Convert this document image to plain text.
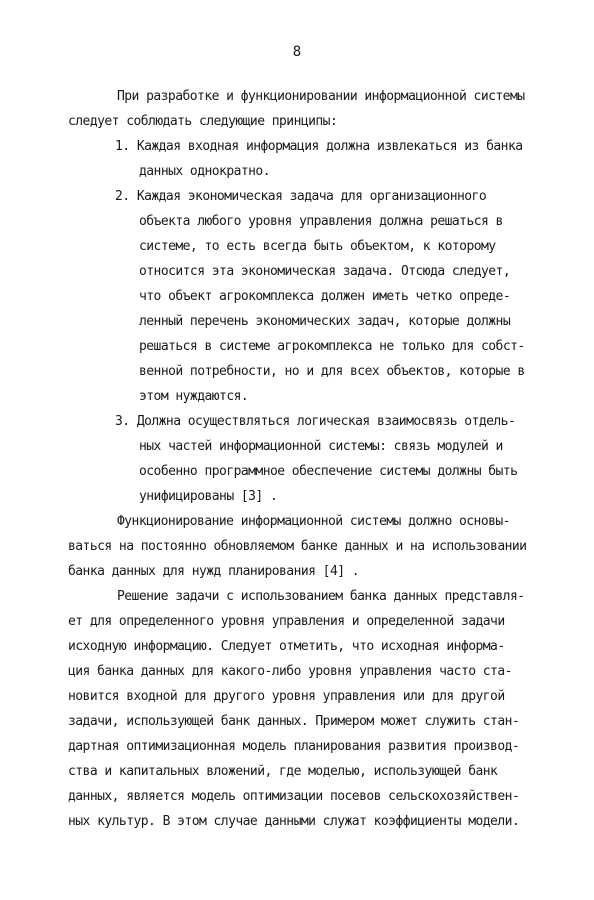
8
При разработке и функционировании информационной системы
следует соблюдать следующие принципы:
1. Каждая входная информация должна извлекаться из банка
данных однократно.
2. Каждая экономическая задача для организационного
объекта любого уровня управления должна решаться в
системе, то есть всегда быть объектом, к которому
относится эта экономическая задача. Отсюда следует,
что объект агрокомплекса должен иметь четко опреде-
ленный перечень экономических задач, которые должны
решаться в системе агрокомплекса не только для собст-
венной потребности, но и для всех объектов, которые в
этом нуждаются.
3. Должна осуществляться логическая взаимосвязь отдель-
ных частей информационной системы: связь модулей и
особенно программное обеспечение системы должны быть
унифицированы [3] .
Функционирование информационной системы должно основы-
ваться на постоянно обновляемом банке данных и на использовании
банка данных для нужд планирования [4] .
Решение задачи с использованием банка данных представля-
ет для определенного уровня управления и определенной задачи
исходную информацию. Следует отметить, что исходная информа-
ция банка данных для какого-либо уровня управления часто ста-
новится входной для другого уровня управления или для другой
задачи, использующей банк данных. Примером может служить стан-
дартная оптимизационная модель планирования развития производ-
ства и капитальных вложений, где моделью, использующей банк
данных, является модель оптимизации посевов сельскохозяйствен-
ных культур. В этом случае данными служат коэффициенты модели.
